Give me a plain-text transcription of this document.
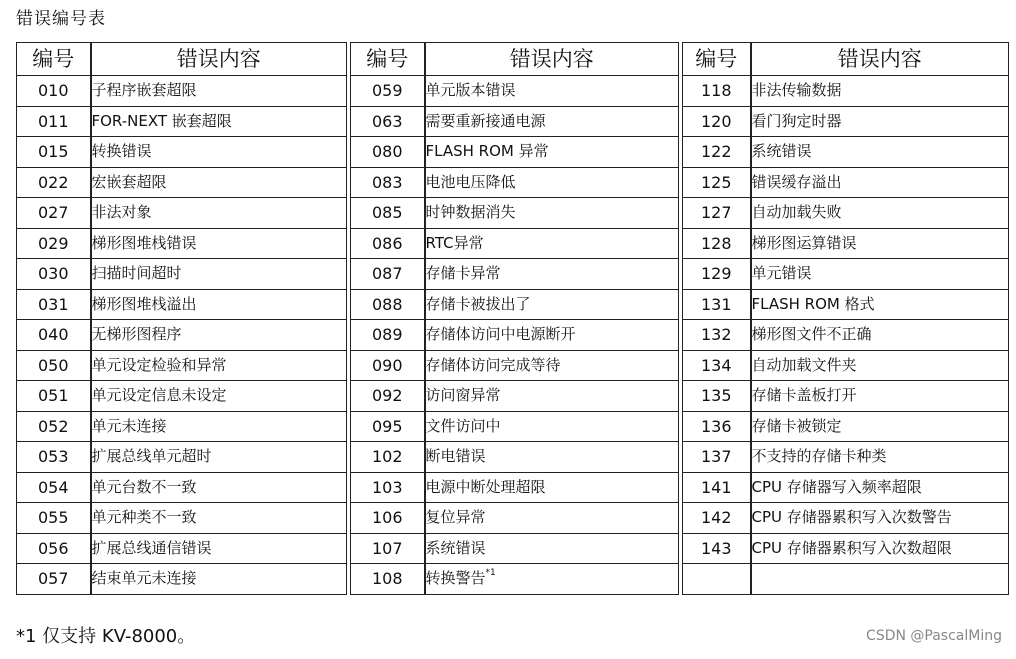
错误编号表
编号	错误内容
010	子程序嵌套超限
011	FOR-NEXT 嵌套超限
015	转换错误
022	宏嵌套超限
027	非法对象
029	梯形图堆栈错误
030	扫描时间超时
031	梯形图堆栈溢出
040	无梯形图程序
050	单元设定检验和异常
051	单元设定信息未设定
052	单元未连接
053	扩展总线单元超时
054	单元台数不一致
055	单元种类不一致
056	扩展总线通信错误
057	结束单元未连接
编号	错误内容
059	单元版本错误
063	需要重新接通电源
080	FLASH ROM 异常
083	电池电压降低
085	时钟数据消失
086	RTC异常
087	存储卡异常
088	存储卡被拔出了
089	存储体访问中电源断开
090	存储体访问完成等待
092	访问窗异常
095	文件访问中
102	断电错误
103	电源中断处理超限
106	复位异常
107	系统错误
108	转换警告$^{*1}$
编号	错误内容
118	非法传输数据
120	看门狗定时器
122	系统错误
125	错误缓存溢出
127	自动加载失败
128	梯形图运算错误
129	单元错误
131	FLASH ROM 格式
132	梯形图文件不正确
134	自动加载文件夹
135	存储卡盖板打开
136	存储卡被锁定
137	不支持的存储卡种类
141	CPU 存储器写入频率超限
142	CPU 存储器累积写入次数警告
143	CPU 存储器累积写入次数超限

*1 仅支持 KV-8000。	CSDN @PascalMing
